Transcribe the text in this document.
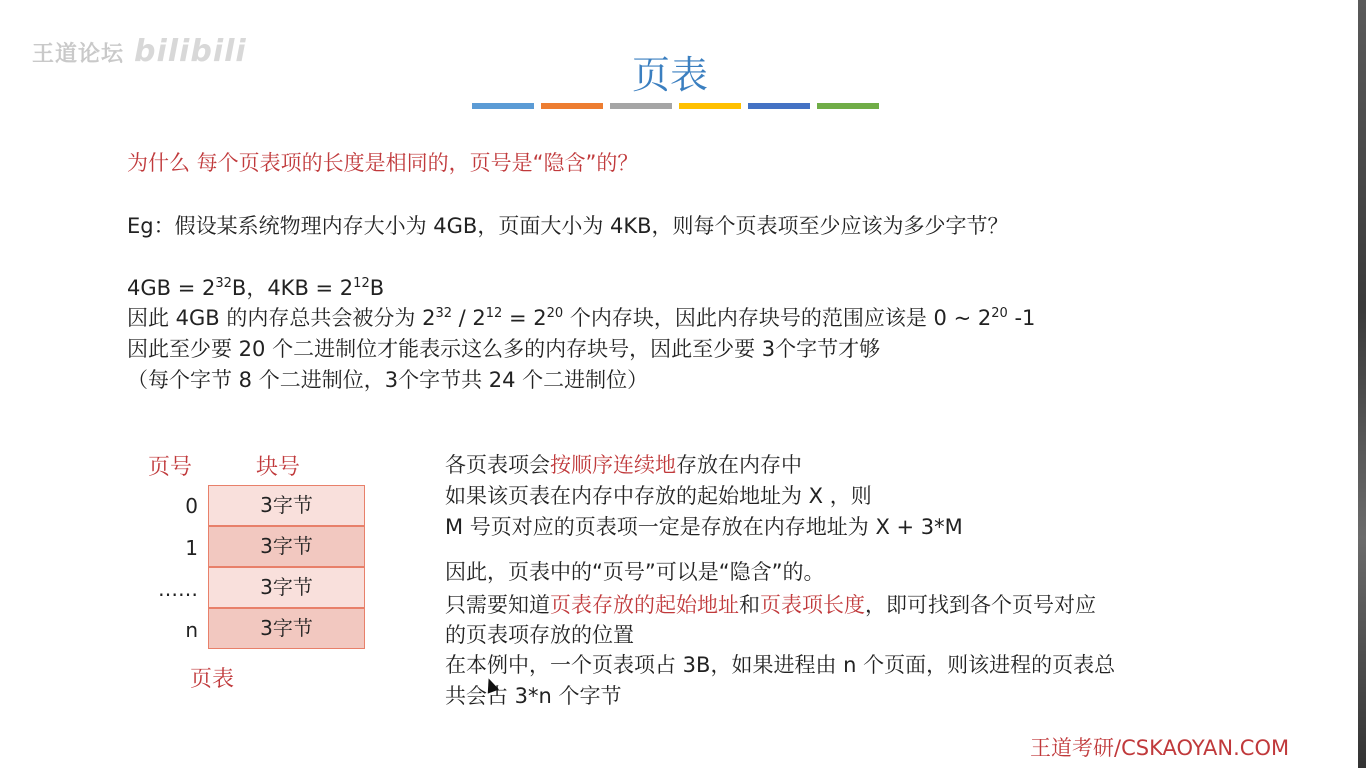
王道论坛 bilibili
页表
为什么 每个页表项的长度是相同的，页号是“隐含”的？
Eg：假设某系统物理内存大小为 4GB，页面大小为 4KB，则每个页表项至少应该为多少字节？
$4GB = 2^{32}B$，$4KB = 2^{12}B$
因此 4GB 的内存总共会被分为 $2^{32} / 2^{12} = 2^{20}$ 个内存块，因此内存块号的范围应该是 0 ~ $2^{20}$ -1
因此至少要 20 个二进制位才能表示这么多的内存块号，因此至少要 3个字节才够
（每个字节 8 个二进制位，3个字节共 24 个二进制位）
页号	块号
0	3字节
1	3字节
……	3字节
n	3字节
页表
各页表项会按顺序连续地存放在内存中
如果该页表在内存中存放的起始地址为 X ，则
M 号页对应的页表项一定是存放在内存地址为 X + 3*M
因此，页表中的“页号”可以是“隐含”的。
只需要知道页表存放的起始地址和页表项长度，即可找到各个页号对应
的页表项存放的位置
在本例中，一个页表项占 3B，如果进程由 n 个页面，则该进程的页表总
共会占 3*n 个字节
王道考研/CSKAOYAN.COM
